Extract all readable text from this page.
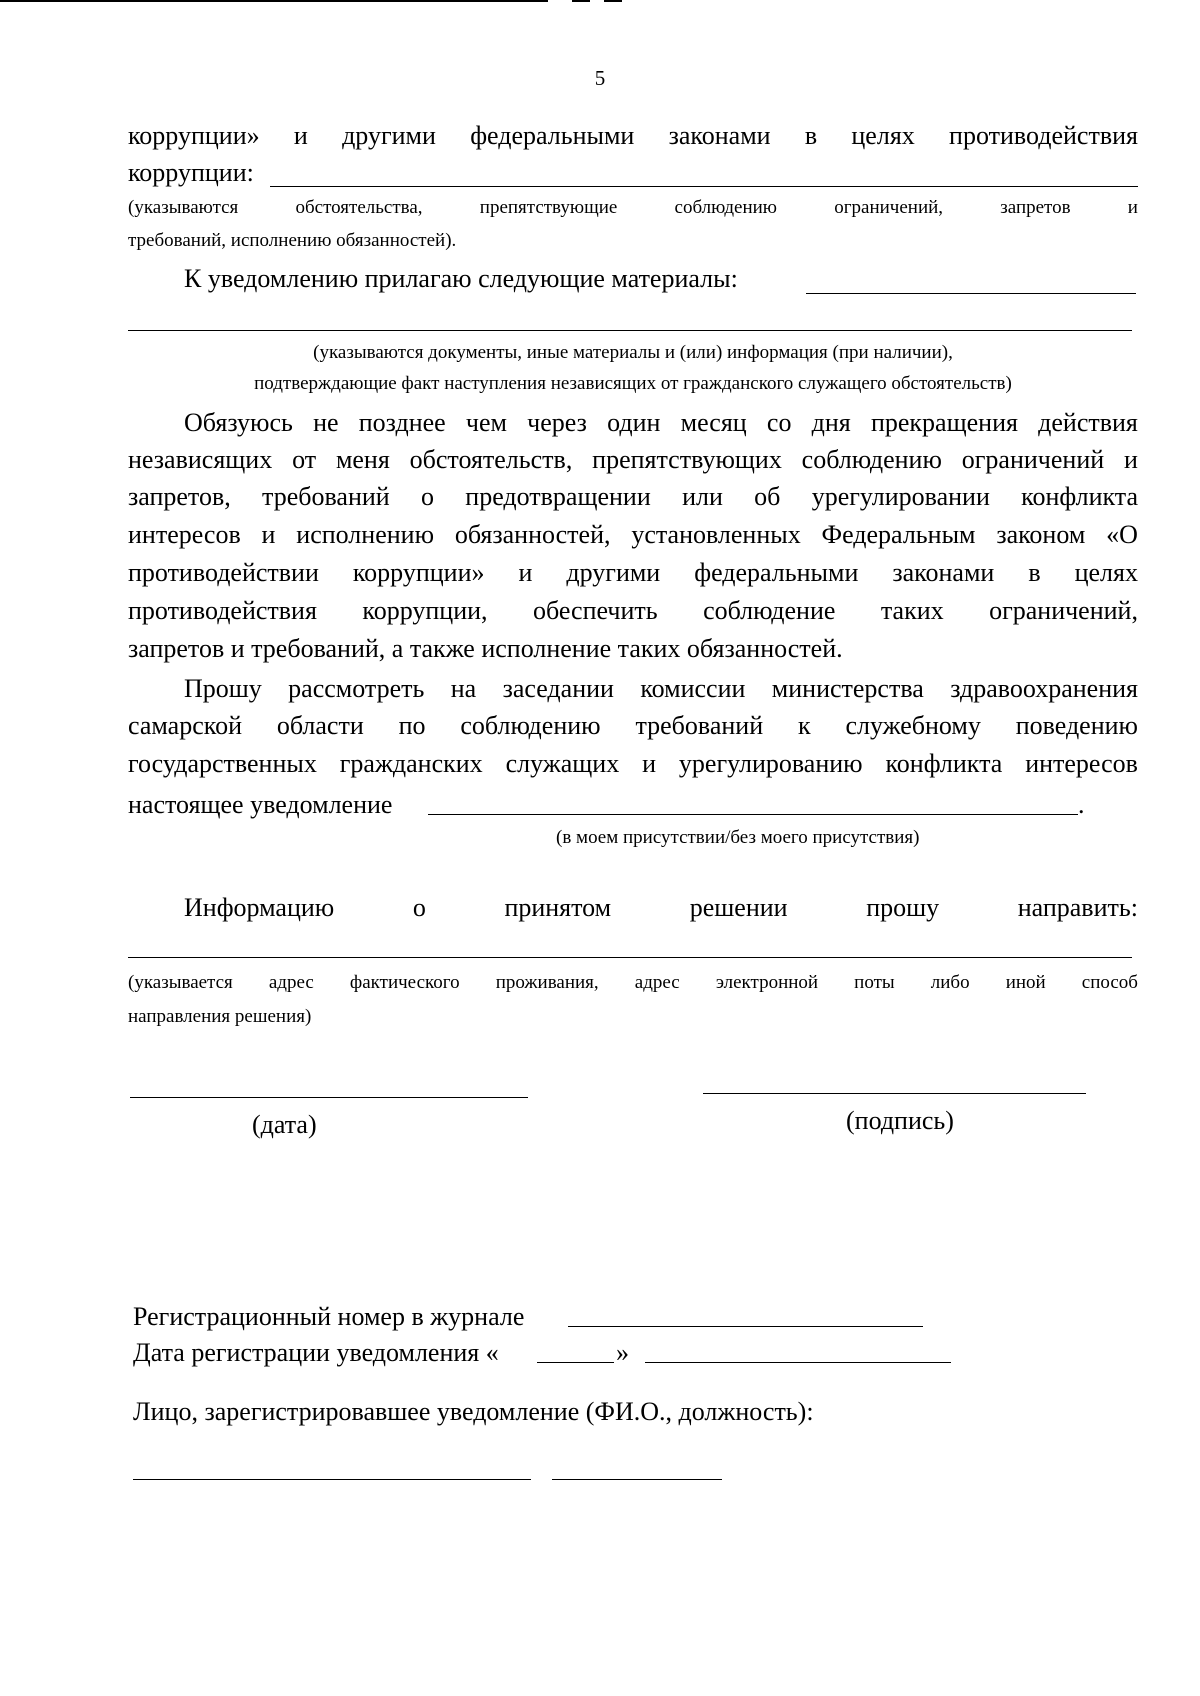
5
коррупции» и другими федеральными законами в целях противодействия
коррупции:
(указываются	обстоятельства,	препятствующие	соблюдению	ограничений,	запретов	и
требований, исполнению обязанностей).
К уведомлению прилагаю следующие материалы:
(указываются документы, иные материалы и (или) информация (при наличии),
подтверждающие факт наступления независящих от гражданского служащего обстоятельств)
Обязуюсь не позднее чем через один месяц со дня прекращения действия
независящих от меня обстоятельств, препятствующих соблюдению ограничений и
запретов, требований о предотвращении или об урегулировании конфликта
интересов и исполнению обязанностей, установленных Федеральным законом «О
противодействии коррупции» и другими федеральными законами в целях
противодействия коррупции, обеспечить соблюдение таких ограничений,
запретов и требований, а также исполнение таких обязанностей.
Прошу рассмотреть на заседании комиссии министерства здравоохранения
самарской области по соблюдению требований к служебному поведению
государственных гражданских служащих и урегулированию конфликта интересов
настоящее уведомление	.
(в моем присутствии/без моего присутствия)
Информацию	о	принятом	решении	прошу	направить:
(указывается адрес фактического проживания, адрес электронной поты либо иной способ
направления решения)
(дата)	(подпись)
Регистрационный номер в журнале
Дата регистрации уведомления «	»
Лицо, зарегистрировавшее уведомление (ФИ.О., должность):
